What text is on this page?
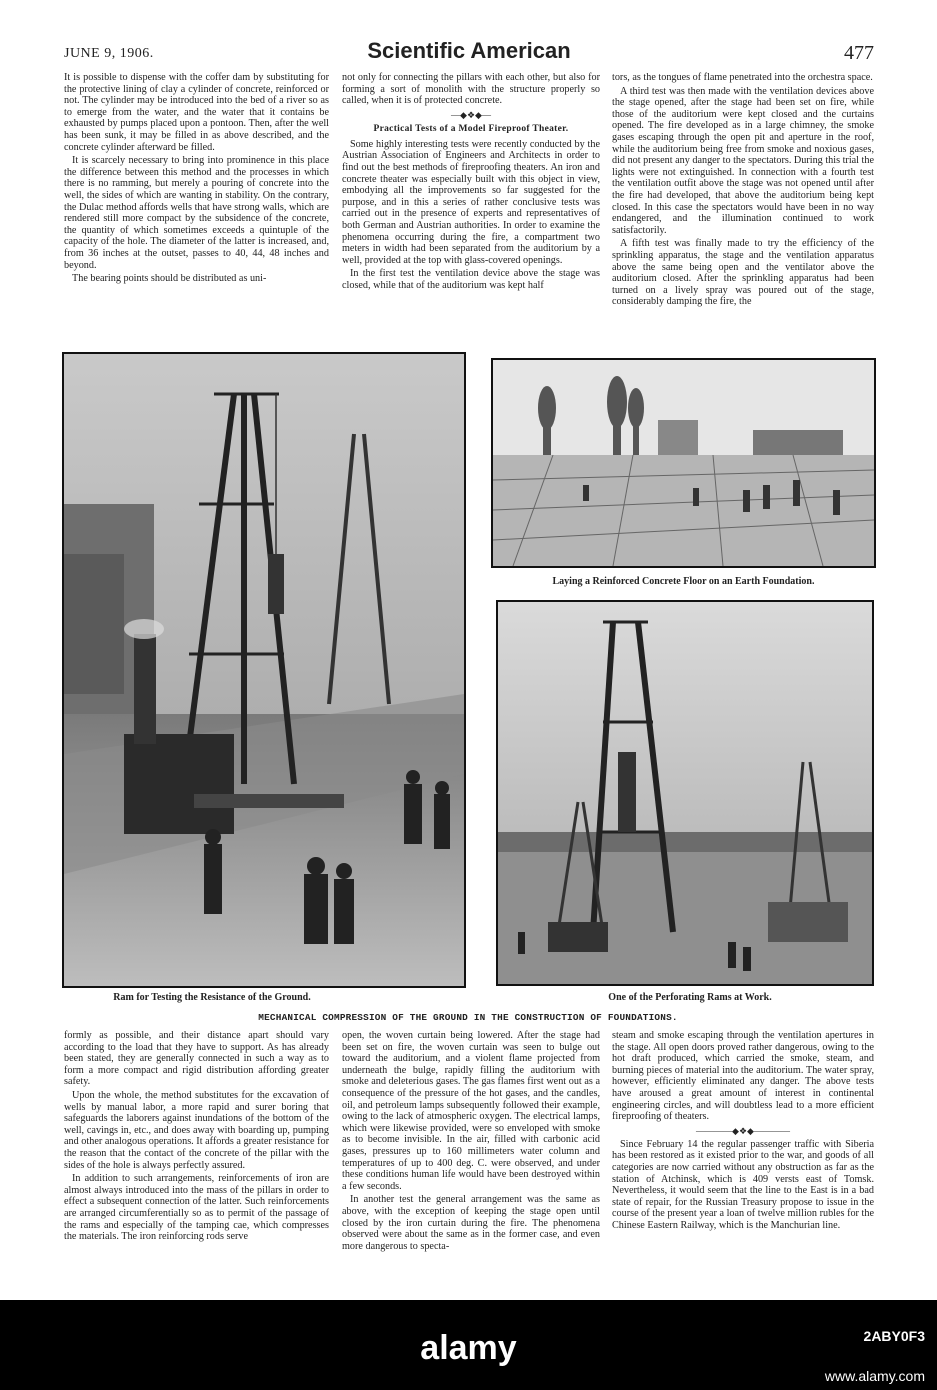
JUNE 9, 1906.	Scientific American	477

It is possible to dispense with the coffer dam by substituting for the protective lining of clay a cylinder of concrete, reinforced or not. The cylinder may be introduced into the bed of a river so as to emerge from the water, and the water that it contains be exhausted by pumps placed upon a pontoon. Then, after the well has been sunk, it may be filled in as above described, and the concrete cylinder afterward be filled.

It is scarcely necessary to bring into prominence in this place the difference between this method and the processes in which there is no ramming, but merely a pouring of concrete into the well, the sides of which are wanting in stability. On the contrary, the Dulac method affords wells that have strong walls, which are rendered still more compact by the subsidence of the concrete, the quantity of which sometimes exceeds a quintuple of the capacity of the hole. The diameter of the latter is increased, and, from 36 inches at the outset, passes to 40, 44, 48 inches and beyond.

The bearing points should be distributed as uni-

not only for connecting the pillars with each other, but also for forming a sort of monolith with the structure properly so called, when it is of protected concrete.

—◆❖◆—
Practical Tests of a Model Fireproof Theater.

Some highly interesting tests were recently conducted by the Austrian Association of Engineers and Architects in order to find out the best methods of fireproofing theaters. An iron and concrete theater was especially built with this object in view, embodying all the improvements so far suggested for the purpose, and in this a series of rather conclusive tests was carried out in the presence of experts and representatives of both German and Austrian authorities. In order to examine the phenomena occurring during the fire, a compartment two meters in width had been separated from the auditorium by a well, provided at the top with glass-covered openings.

In the first test the ventilation device above the stage was closed, while that of the auditorium was kept half

tors, as the tongues of flame penetrated into the orchestra space.

A third test was then made with the ventilation devices above the stage opened, after the stage had been set on fire, while those of the auditorium were kept closed and the curtains opened. The fire developed as in a large chimney, the smoke gases escaping through the open pit and aperture in the roof, while the auditorium being free from smoke and noxious gases, did not present any danger to the spectators. During this trial the lights were not extinguished. In connection with a fourth test the ventilation outfit above the stage was not opened until after the fire had developed, that above the auditorium being kept closed. In this case the spectators would have been in no way endangered, and the illumination continued to work satisfactorily.

A fifth test was finally made to try the efficiency of the sprinkling apparatus, the stage and the ventilation apparatus above the same being open and the ventilator above the auditorium closed. After the sprinkling apparatus had been turned on a lively spray was poured out of the stage, considerably damping the fire, the

Laying a Reinforced Concrete Floor on an Earth Foundation.
Ram for Testing the Resistance of the Ground.	One of the Perforating Rams at Work.
MECHANICAL COMPRESSION OF THE GROUND IN THE CONSTRUCTION OF FOUNDATIONS.

formly as possible, and their distance apart should vary according to the load that they have to support. As has already been stated, they are generally connected in such a way as to form a more compact and rigid distribution affording greater safety.

Upon the whole, the method substitutes for the excavation of wells by manual labor, a more rapid and surer boring that safeguards the laborers against inundations of the bottom of the well, cavings in, etc., and does away with boarding up, pumping and other analogous operations. It affords a greater resistance for the reason that the contact of the concrete of the pillar with the sides of the hole is always perfectly assured.

In addition to such arrangements, reinforcements of iron are almost always introduced into the mass of the pillars in order to effect a subsequent connection of the latter. Such reinforcements are arranged circumferentially so as to permit of the passage of the rams and especially of the tamping cae, which compresses the materials. The iron reinforcing rods serve

open, the woven curtain being lowered. After the stage had been set on fire, the woven curtain was seen to bulge out toward the auditorium, and a violent flame projected from underneath the bulge, rapidly filling the auditorium with smoke and deleterious gases. The gas flames first went out as a consequence of the pressure of the hot gases, and the candles, oil, and petroleum lamps subsequently followed their example, owing to the lack of atmospheric oxygen. The electrical lamps, which were likewise provided, were so enveloped with smoke as to become invisible. In the air, filled with carbonic acid gases, pressures up to 160 millimeters water column and temperatures of up to 400 deg. C. were observed, and under these conditions human life would have been destroyed within a few seconds.

In another test the general arrangement was the same as above, with the exception of keeping the stage open until closed by the iron curtain during the fire. The phenomena observed were about the same as in the former case, and even more dangerous to specta-

steam and smoke escaping through the ventilation apertures in the stage. All open doors proved rather dangerous, owing to the hot draft produced, which carried the smoke, steam, and burning pieces of material into the auditorium. The water spray, however, efficiently eliminated any danger. The above tests have aroused a great amount of interest in continental engineering circles, and will doubtless lead to a more efficient fireproofing of theaters.

————◆❖◆————

Since February 14 the regular passenger traffic with Siberia has been restored as it existed prior to the war, and goods of all categories are now carried without any obstruction as far as the station of Atchinsk, which is 409 versts east of Tomsk. Nevertheless, it would seem that the line to the East is in a bad state of repair, for the Russian Treasury propose to issue in the course of the present year a loan of twelve million rubles for the Chinese Eastern Railway, which is the Manchurian line.

alamy	2ABY0F3
www.alamy.com
